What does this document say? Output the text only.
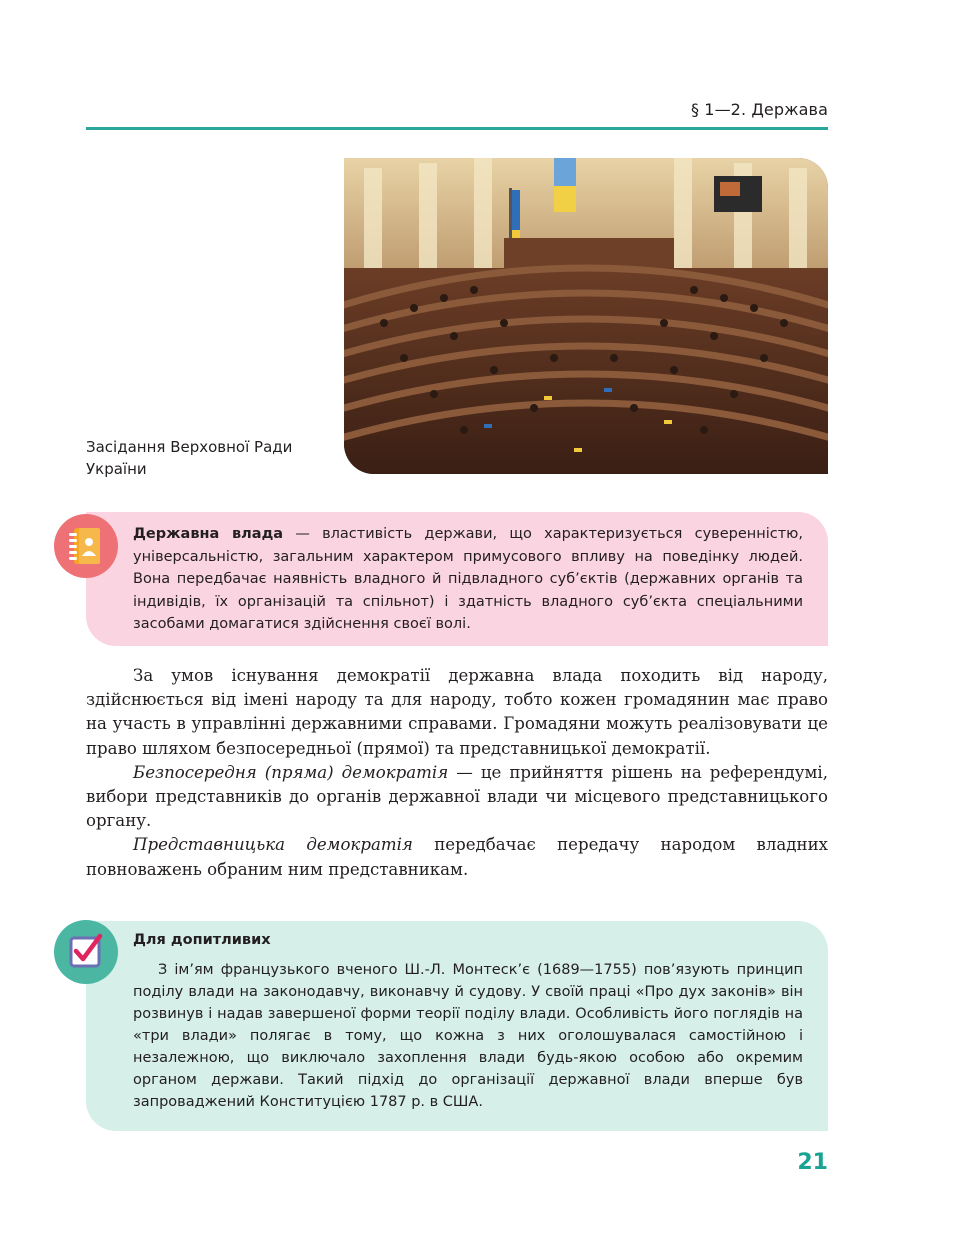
§ 1—2. Держава
Засідання Верховної Ради України
Державна влада — властивість держави, що характеризується суверенністю, універсальністю, загальним характером примусового впливу на поведінку людей. Вона передбачає наявність владного й підвладного суб’єктів (державних органів та індивідів, їх організацій та спільнот) і здатність владного суб’єкта спеціальними засобами домагатися здійснення своєї волі.

За умов існування демократії державна влада походить від народу, здійснюється від імені народу та для народу, тобто кожен громадянин має право на участь в управлінні державними справами. Громадяни можуть реалізовувати це право шляхом безпосередньої (прямої) та представницької демократії.

Безпосередня (пряма) демократія — це прийняття рішень на референдумі, вибори представників до органів державної влади чи місцевого представницького органу.

Представницька демократія передбачає передачу народом владних повноважень обраним ним представникам.

Для допитливих

З ім’ям французького вченого Ш.-Л. Монтеск’є (1689—1755) пов’язують принцип поділу влади на законодавчу, виконавчу й судову. У своїй праці «Про дух законів» він розвинув і надав завершеної форми теорії поділу влади. Особливість його поглядів на «три влади» полягає в тому, що кожна з них оголошувалася самостійною і незалежною, що виключало захоплення влади будь-якою особою або окремим органом держави. Такий підхід до організації державної влади вперше був запроваджений Конституцією 1787 р. в США.

21
